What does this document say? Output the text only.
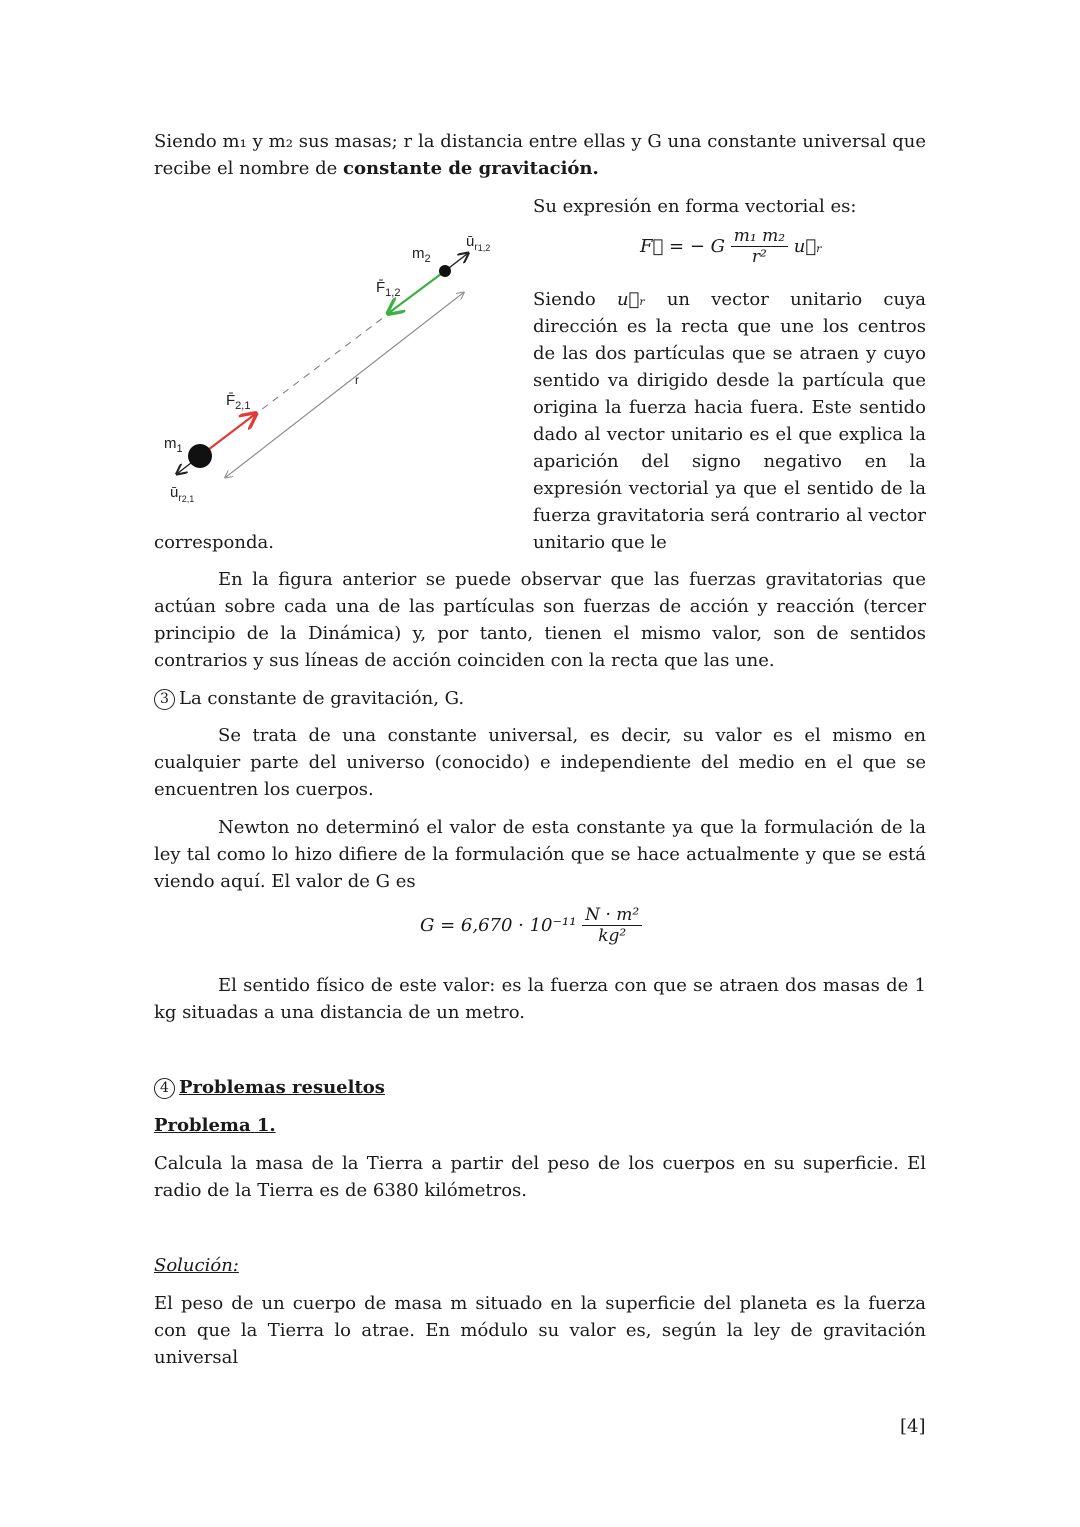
Siendo m₁ y m₂ sus masas; r la distancia entre ellas y G una constante universal que recibe el nombre de constante de gravitación.

Su expresión en forma vectorial es:

F⃗ = − G $\frac{\text{m₁ m₂}}{\text{r²}}$ u⃗ᵣ
$m_2$
$ū_r1,2$
$F̄_{1,2}$
r
$F̄_{2,1}$
$m_1$
$ū_r2,1$

Siendo u⃗ᵣ un vector unitario cuya dirección es la recta que une los centros de las dos partículas que se atraen y cuyo sentido va dirigido desde la partícula que origina la fuerza hacia fuera. Este sentido dado al vector unitario es el que explica la aparición del signo negativo en la expresión vectorial ya que el sentido de la fuerza gravitatoria será contrario al vector unitario que le

corresponda.

En la figura anterior se puede observar que las fuerzas gravitatorias que actúan sobre cada una de las partículas son fuerzas de acción y reacción (tercer principio de la Dinámica) y, por tanto, tienen el mismo valor, son de sentidos contrarios y sus líneas de acción coinciden con la recta que las une.

3 La constante de gravitación, G.

Se trata de una constante universal, es decir, su valor es el mismo en cualquier parte del universo (conocido) e independiente del medio en el que se encuentren los cuerpos.

Newton no determinó el valor de esta constante ya que la formulación de la ley tal como lo hizo difiere de la formulación que se hace actualmente y que se está viendo aquí. El valor de G es

$G = 6,670 \cdot 10^{-11} \frac{\text{N · m²}}{\text{kg²}}$

El sentido físico de este valor: es la fuerza con que se atraen dos masas de 1 kg situadas a una distancia de un metro.

4 Problemas resueltos

Problema 1.

Calcula la masa de la Tierra a partir del peso de los cuerpos en su superficie. El radio de la Tierra es de 6380 kilómetros.

Solución:

El peso de un cuerpo de masa m situado en la superficie del planeta es la fuerza con que la Tierra lo atrae. En módulo su valor es, según la ley de gravitación universal

[4]
